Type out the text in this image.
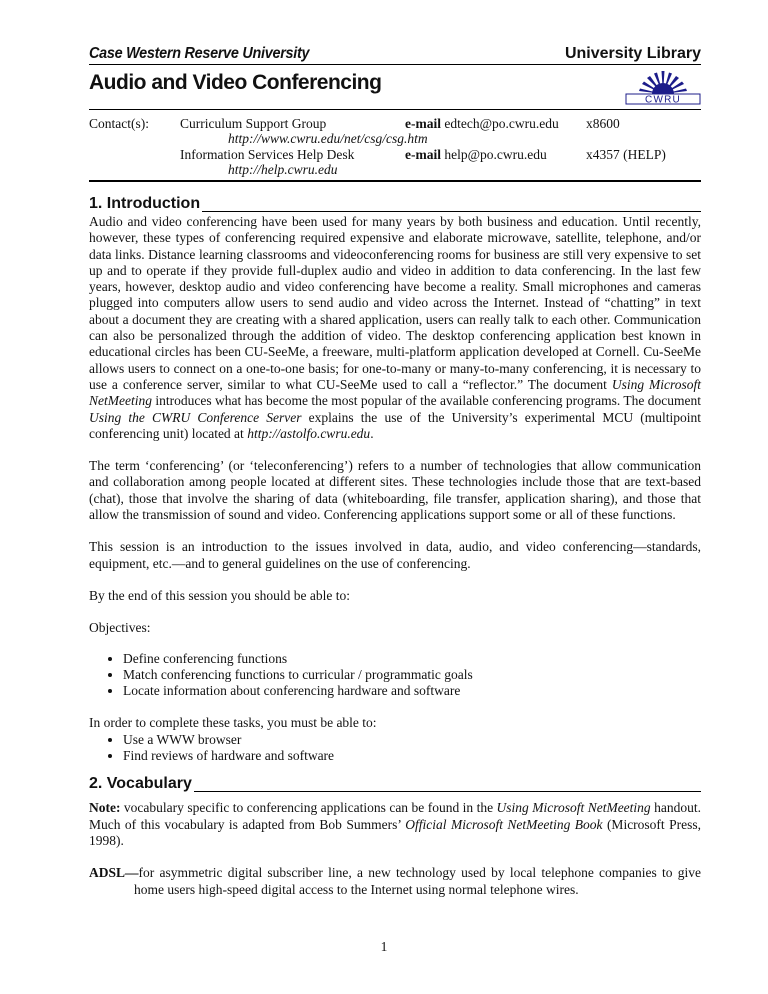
Case Western Reserve University	University Library
Audio and Video Conferencing
CWRU
Contact(s): Curriculum Support Group	e-mail edtech@po.cwru.edu x8600
http://www.cwru.edu/net/csg/csg.htm
Information Services Help Desk	e-mail help@po.cwru.edu	x4357 (HELP)
http://help.cwru.edu
1. Introduction

Audio and video conferencing have been used for many years by both business and education. Until recently, however, these types of conferencing required expensive and elaborate microwave, satellite, telephone, and/or data links. Distance learning classrooms and videoconferencing rooms for business are still very expensive to set up and to operate if they provide full-duplex audio and video in addition to data conferencing. In the last few years, however, desktop audio and video conferencing have become a reality. Small microphones and cameras plugged into computers allow users to send audio and video across the Internet. Instead of “chatting” in text about a document they are creating with a shared application, users can really talk to each other. Communication can also be personalized through the addition of video. The desktop conferencing application best known in educational circles has been CU-SeeMe, a freeware, multi-platform application developed at Cornell. Cu-SeeMe allows users to connect on a one-to-one basis; for one-to-many or many-to-many conferencing, it is necessary to use a conference server, similar to what CU-SeeMe used to call a “reflector.” The document Using Microsoft NetMeeting introduces what has become the most popular of the available conferencing programs. The document Using the CWRU Conference Server explains the use of the University’s experimental MCU (multipoint conferencing unit) located at http://astolfo.cwru.edu.

The term ‘conferencing’ (or ‘teleconferencing’) refers to a number of technologies that allow communication and collaboration among people located at different sites. These technologies include those that are text-based (chat), those that involve the sharing of data (whiteboarding, file transfer, application sharing), and those that allow the transmission of sound and video. Conferencing applications support some or all of these functions.

This session is an introduction to the issues involved in data, audio, and video conferencing—standards, equipment, etc.—and to general guidelines on the use of conferencing.

By the end of this session you should be able to:

Objectives:

• Define conferencing functions
• Match conferencing functions to curricular / programmatic goals
• Locate information about conferencing hardware and software

In order to complete these tasks, you must be able to:

• Use a WWW browser
• Find reviews of hardware and software
2. Vocabulary

Note: vocabulary specific to conferencing applications can be found in the Using Microsoft NetMeeting handout. Much of this vocabulary is adapted from Bob Summers’ Official Microsoft NetMeeting Book (Microsoft Press, 1998).

ADSL—for asymmetric digital subscriber line, a new technology used by local telephone companies to give home users high-speed digital access to the Internet using normal telephone wires.

1
